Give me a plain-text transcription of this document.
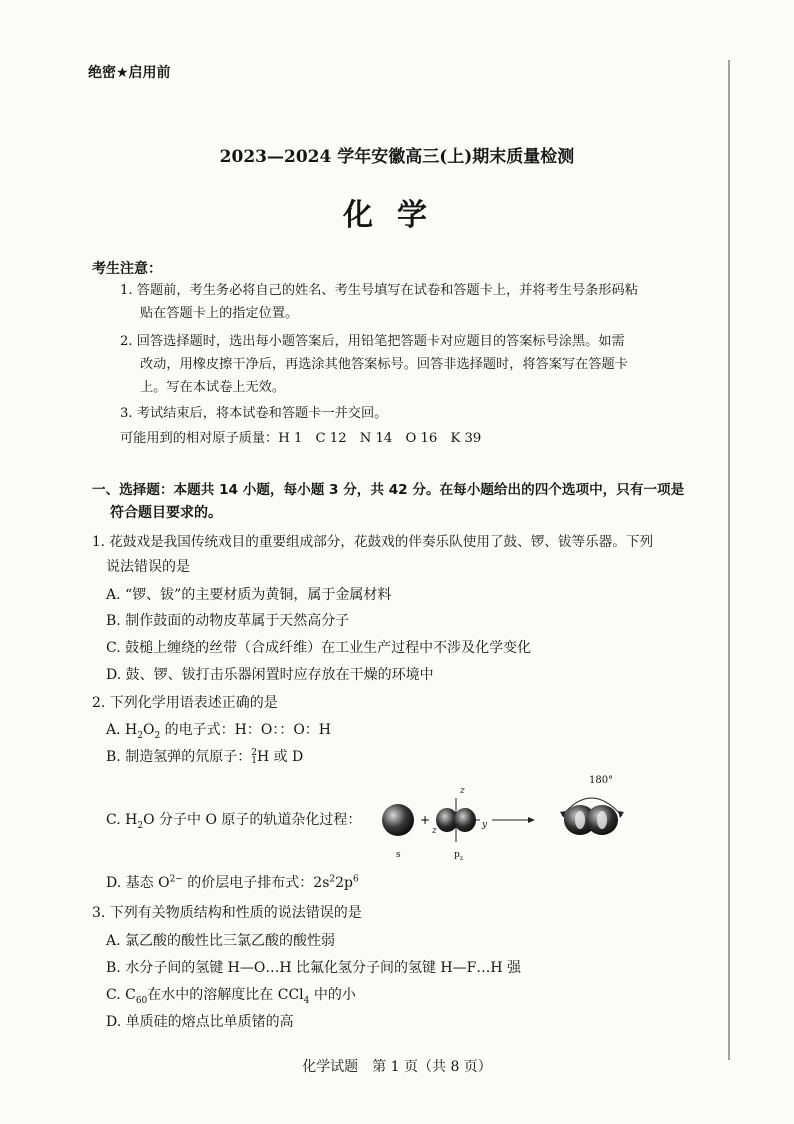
绝密★启用前
2023—2024 学年安徽高三(上)期末质量检测
化学
考生注意：
1. 答题前，考生务必将自己的姓名、考生号填写在试卷和答题卡上，并将考生号条形码粘
贴在答题卡上的指定位置。
2. 回答选择题时，选出每小题答案后，用铅笔把答题卡对应题目的答案标号涂黑。如需
改动，用橡皮擦干净后，再选涂其他答案标号。回答非选择题时，将答案写在答题卡
上。写在本试卷上无效。
3. 考试结束后，将本试卷和答题卡一并交回。
可能用到的相对原子质量：H 1　C 12　N 14　O 16　K 39
一、选择题：本题共 14 小题，每小题 3 分，共 42 分。在每小题给出的四个选项中，只有一项是
符合题目要求的。
1. 花鼓戏是我国传统戏目的重要组成部分，花鼓戏的伴奏乐队使用了鼓、锣、钹等乐器。下列
说法错误的是
A. “锣、钹”的主要材质为黄铜，属于金属材料
B. 制作鼓面的动物皮革属于天然高分子
C. 鼓槌上缠绕的丝带（合成纤维）在工业生产过程中不涉及化学变化
D. 鼓、锣、钹打击乐器闲置时应存放在干燥的环境中
2. 下列化学用语表述正确的是
A. $H_2O_2$ 的电子式：H：O：：O：H
B. 制造氢弹的氘原子：2
1H 或 D
C. $H_2O$ 分子中 O 原子的轨道杂化过程：	+
180°
z
y
z
s	$p_z$
D. 基态 $O^{2-}$ 的价层电子排布式：$2s^22p^6$
3. 下列有关物质结构和性质的说法错误的是
A. 氯乙酸的酸性比三氯乙酸的酸性弱
B. 水分子间的氢键 H—O…H 比氟化氢分子间的氢键 H—F…H 强
C. $C_{60}$在水中的溶解度比在 CCl$_4$ 中的小
D. 单质硅的熔点比单质锗的高
化学试题　第 1 页（共 8 页）
